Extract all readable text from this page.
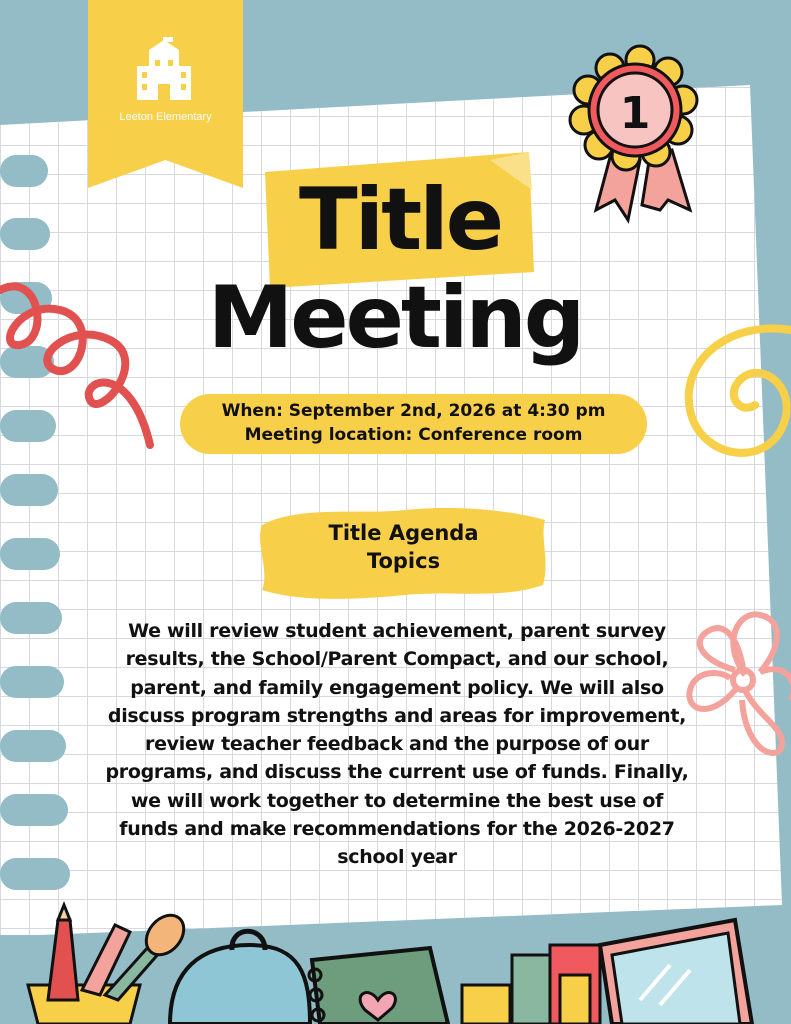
Leeton Elementary	1
Title
Meeting
When: September 2nd, 2026 at 4:30 pm
Meeting location: Conference room
Title Agenda
Topics
We will review student achievement, parent survey results, the School/Parent Compact, and our school, parent, and family engagement policy. We will also discuss program strengths and areas for improvement, review teacher feedback and the purpose of our programs, and discuss the current use of funds. Finally, we will work together to determine the best use of funds and make recommendations for the 2026-2027 school year
